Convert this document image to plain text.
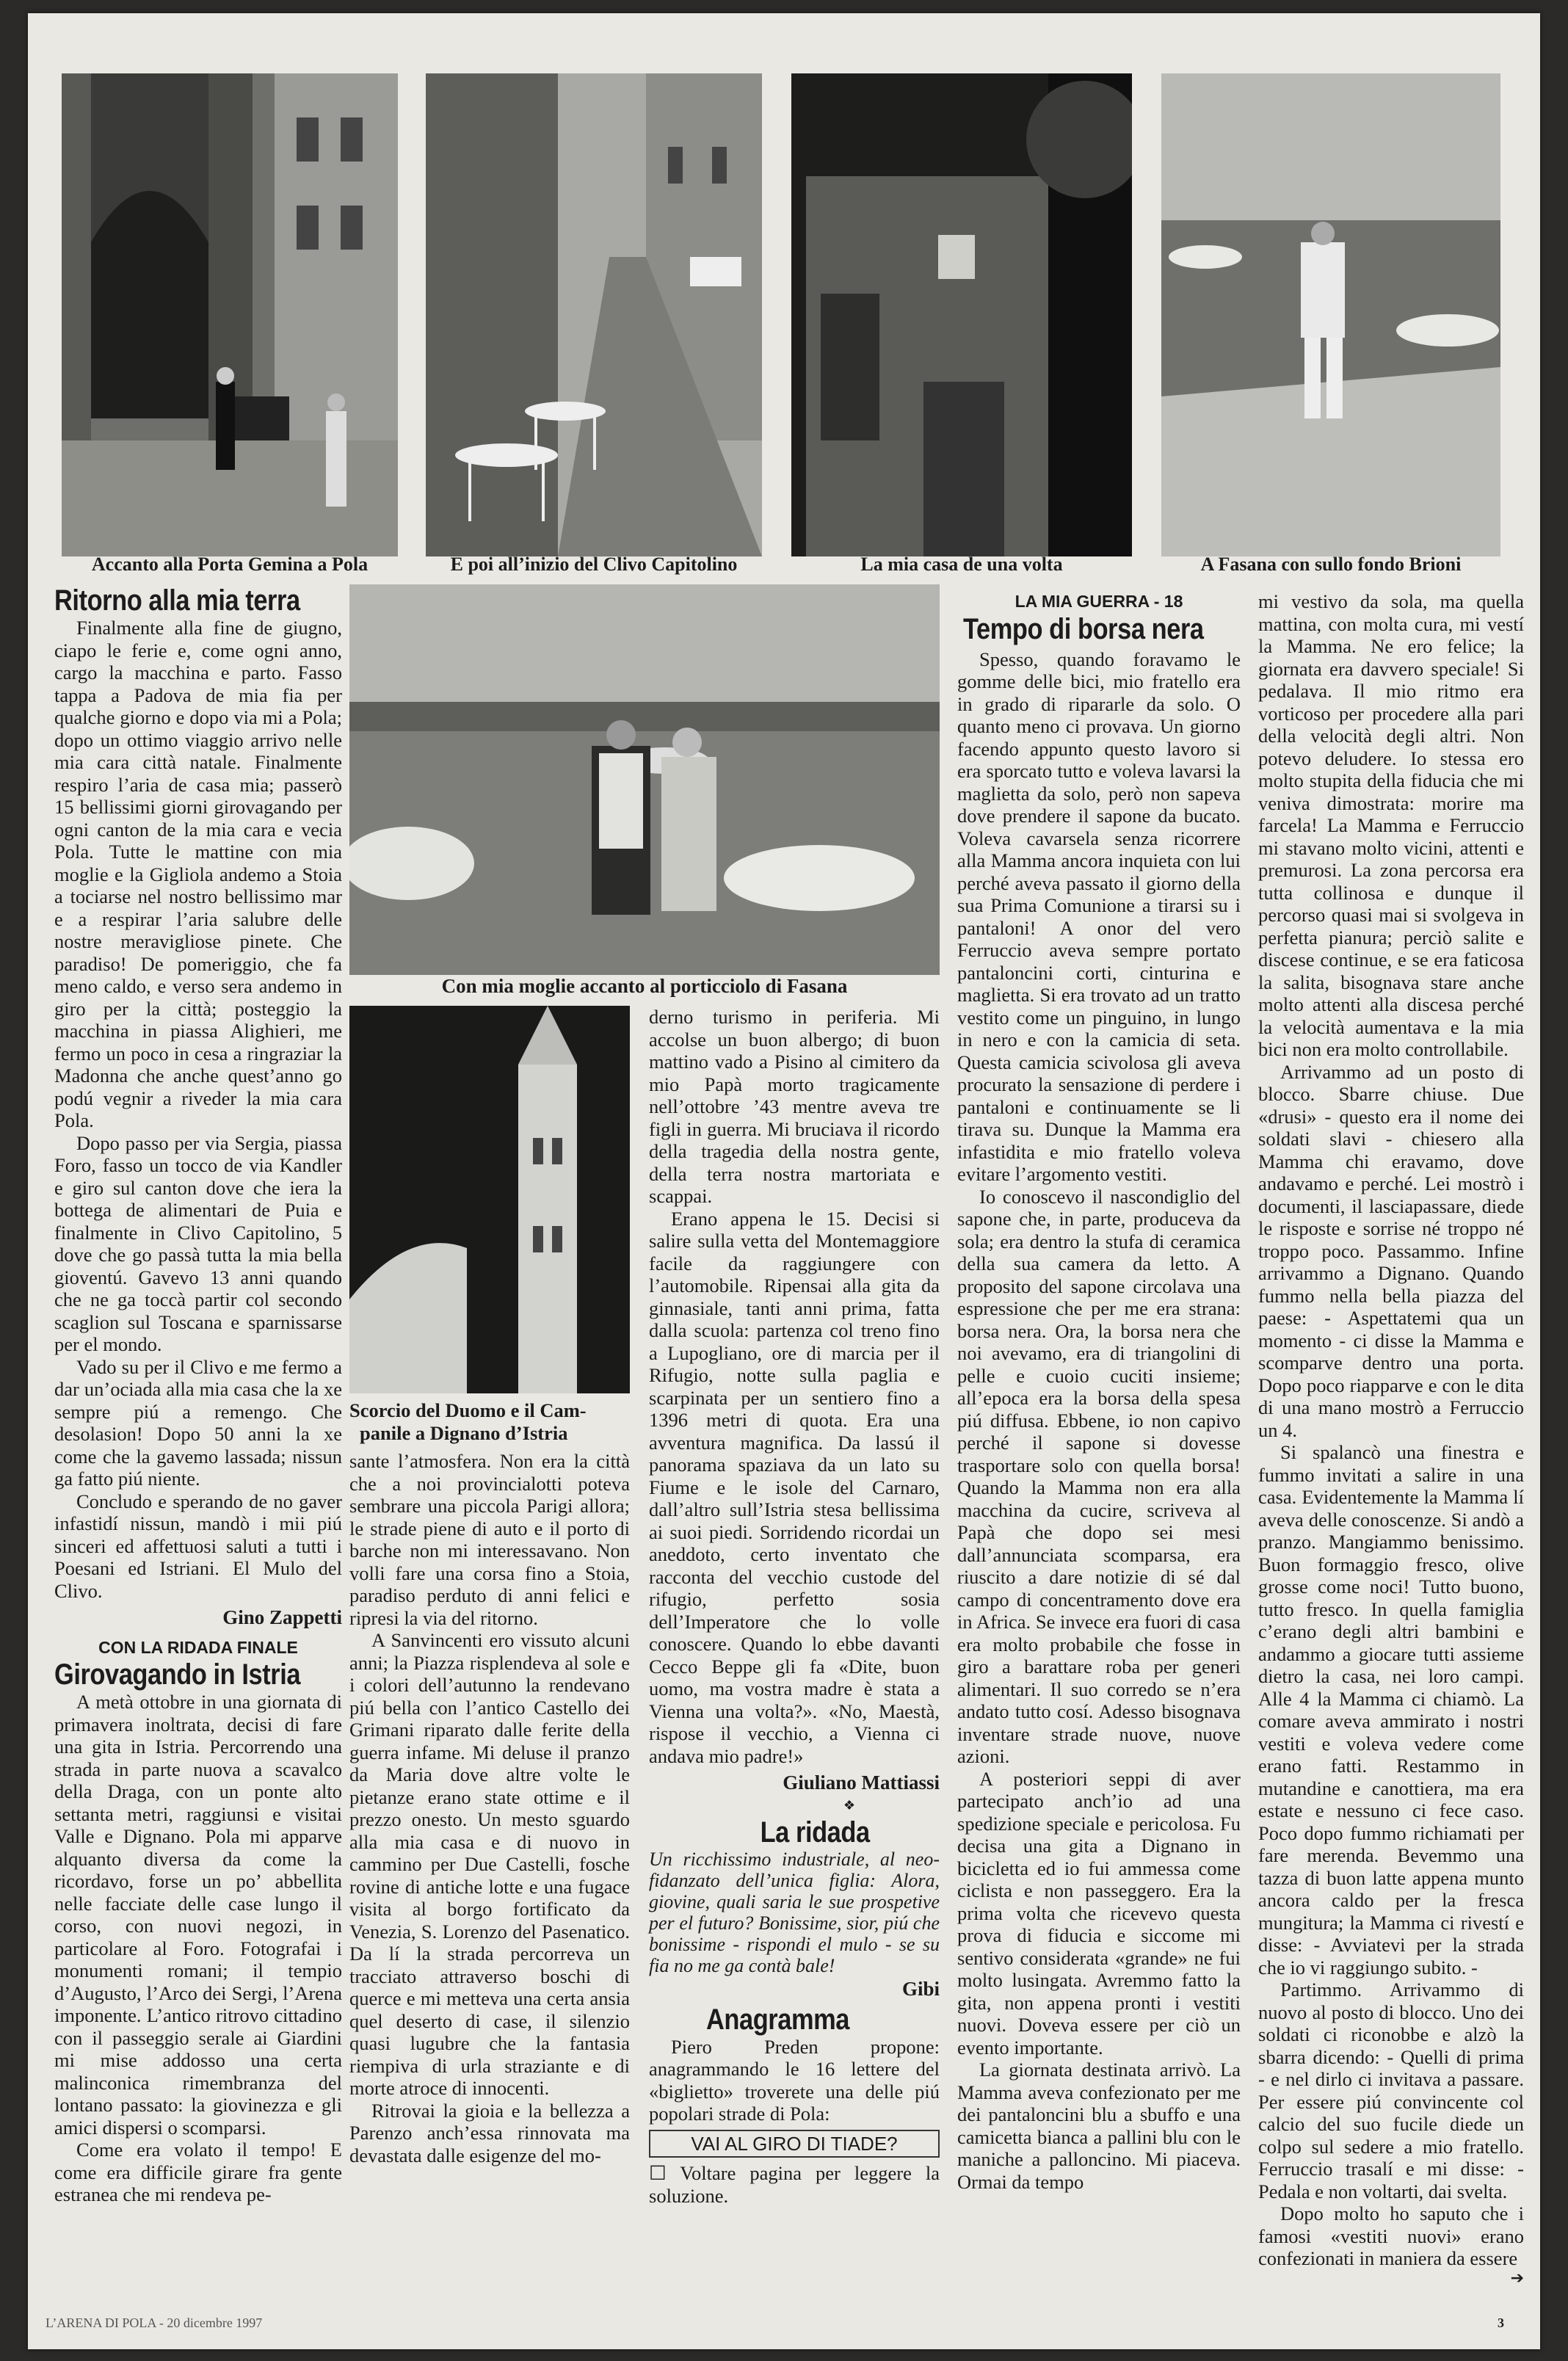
Accanto alla Porta Gemina a Pola	E poi all’inizio del Clivo Capitolino	La mia casa de una volta	A Fasana con sullo fondo Brioni
Ritorno alla mia terra

Finalmente alla fine de giugno, ciapo le ferie e, come ogni anno, cargo la macchina e parto. Fasso tappa a Padova de mia fia per qualche giorno e dopo via mi a Pola; dopo un ottimo viaggio arrivo nelle mia cara città natale. Finalmente respiro l’aria de casa mia; passerò 15 bellissimi giorni girovagando per ogni canton de la mia cara e vecia Pola. Tutte le mattine con mia moglie e la Gigliola andemo a Stoia a tociarse nel nostro bellissimo mar e a respirar l’aria salubre delle nostre meravigliose pinete. Che paradiso! De pomeriggio, che fa meno caldo, e verso sera andemo in giro per la città; posteggio la macchina in piassa Alighieri, me fermo un poco in cesa a ringraziar la Madonna che anche quest’anno go podú vegnir a riveder la mia cara Pola.

Dopo passo per via Sergia, piassa Foro, fasso un tocco de via Kandler e giro sul canton dove che iera la bottega de alimentari de Puia e finalmente in Clivo Capitolino, 5 dove che go passà tutta la mia bella gioventú. Gavevo 13 anni quando che ne ga toccà partir col secondo scaglion sul Toscana e sparnissarse per el mondo.

Vado su per il Clivo e me fermo a dar un’ociada alla mia casa che la xe sempre piú a remengo. Che desolasion! Dopo 50 anni la xe come che la gavemo lassada; nissun ga fatto piú niente.

Concludo e sperando de no gaver infastidí nissun, mandò i mii piú sinceri ed affettuosi saluti a tutti i Poesani ed Istriani. El Mulo del Clivo.

Gino Zappetti
CON LA RIDADA FINALE
Girovagando in Istria

A metà ottobre in una giornata di primavera inoltrata, decisi di fare una gita in Istria. Percorrendo una strada in parte nuova a scavalco della Draga, con un ponte alto settanta metri, raggiunsi e visitai Valle e Dignano. Pola mi apparve alquanto diversa da come la ricordavo, forse un po’ abbellita nelle facciate delle case lungo il corso, con nuovi negozi, in particolare al Foro. Fotografai i monumenti romani; il tempio d’Augusto, l’Arco dei Sergi, l’Arena imponente. L’antico ritrovo cittadino con il passeggio serale ai Giardini mi mise addosso una certa malinconica rimembranza del lontano passato: la giovinezza e gli amici dispersi o scomparsi.

Come era volato il tempo! E come era difficile girare fra gente estranea che mi rendeva pe-

Con mia moglie accanto al porticciolo di Fasana
Scorcio del Duomo e il Cam-
panile a Dignano d’Istria

sante l’atmosfera. Non era la città che a noi provincialotti poteva sembrare una piccola Parigi allora; le strade piene di auto e il porto di barche non mi interessavano. Non volli fare una corsa fino a Stoia, paradiso perduto di anni felici e ripresi la via del ritorno.

A Sanvincenti ero vissuto alcuni anni; la Piazza risplendeva al sole e i colori dell’autunno la rendevano piú bella con l’antico Castello dei Grimani riparato dalle ferite della guerra infame. Mi deluse il pranzo da Maria dove altre volte le pietanze erano state ottime e il prezzo onesto. Un mesto sguardo alla mia casa e di nuovo in cammino per Due Castelli, fosche rovine di antiche lotte e una fugace visita al borgo fortificato da Venezia, S. Lorenzo del Pasenatico. Da lí la strada percorreva un tracciato attraverso boschi di querce e mi metteva una certa ansia quel deserto di case, il silenzio quasi lugubre che la fantasia riempiva di urla straziante e di morte atroce di innocenti.

Ritrovai la gioia e la bellezza a Parenzo anch’essa rinnovata ma devastata dalle esigenze del mo-

derno turismo in periferia. Mi accolse un buon albergo; di buon mattino vado a Pisino al cimitero da mio Papà morto tragicamente nell’ottobre ’43 mentre aveva tre figli in guerra. Mi bruciava il ricordo della tragedia della nostra gente, della terra nostra martoriata e scappai.

Erano appena le 15. Decisi si salire sulla vetta del Montemaggiore facile da raggiungere con l’automobile. Ripensai alla gita da ginnasiale, tanti anni prima, fatta dalla scuola: partenza col treno fino a Lupogliano, ore di marcia per il Rifugio, notte sulla paglia e scarpinata per un sentiero fino a 1396 metri di quota. Era una avventura magnifica. Da lassú il panorama spaziava da un lato su Fiume e le isole del Carnaro, dall’altro sull’Istria stesa bellissima ai suoi piedi. Sorridendo ricordai un aneddoto, certo inventato che racconta del vecchio custode del rifugio, perfetto sosia dell’Imperatore che lo volle conoscere. Quando lo ebbe davanti Cecco Beppe gli fa «Dite, buon uomo, ma vostra madre è stata a Vienna una volta?». «No, Maestà, rispose il vecchio, a Vienna ci andava mio padre!»

Giuliano Mattiassi
❖
La ridada
Un ricchissimo industriale, al neo-fidanzato dell’unica figlia: Alora, giovine, quali saria le sue prospetive per el futuro? Bonissime, sior, piú che bonissime - rispondi el mulo - se su fia no me ga contà bale!
Gibi
Anagramma

Piero Preden propone: anagrammando le 16 lettere del «biglietto» troverete una delle piú popolari strade di Pola:

VAI AL GIRO DI TIADE?
☐ Voltare pagina per leggere la soluzione.
LA MIA GUERRA - 18
Tempo di borsa nera

Spesso, quando foravamo le gomme delle bici, mio fratello era in grado di ripararle da solo. O quanto meno ci provava. Un giorno facendo appunto questo lavoro si era sporcato tutto e voleva lavarsi la maglietta da solo, però non sapeva dove prendere il sapone da bucato. Voleva cavarsela senza ricorrere alla Mamma ancora inquieta con lui perché aveva passato il giorno della sua Prima Comunione a tirarsi su i pantaloni! A onor del vero Ferruccio aveva sempre portato pantaloncini corti, cinturina e maglietta. Si era trovato ad un tratto vestito come un pinguino, in lungo in nero e con la camicia di seta. Questa camicia scivolosa gli aveva procurato la sensazione di perdere i pantaloni e continuamente se li tirava su. Dunque la Mamma era infastidita e mio fratello voleva evitare l’argomento vestiti.

Io conoscevo il nascondiglio del sapone che, in parte, produceva da sola; era dentro la stufa di ceramica della sua camera da letto. A proposito del sapone circolava una espressione che per me era strana: borsa nera. Ora, la borsa nera che noi avevamo, era di triangolini di pelle e cuoio cuciti insieme; all’epoca era la borsa della spesa piú diffusa. Ebbene, io non capivo perché il sapone si dovesse trasportare solo con quella borsa! Quando la Mamma non era alla macchina da cucire, scriveva al Papà che dopo sei mesi dall’annunciata scomparsa, era riuscito a dare notizie di sé dal campo di concentramento dove era in Africa. Se invece era fuori di casa era molto probabile che fosse in giro a barattare roba per generi alimentari. Il suo corredo se n’era andato tutto cosí. Adesso bisognava inventare strade nuove, nuove azioni.

A posteriori seppi di aver partecipato anch’io ad una spedizione speciale e pericolosa. Fu decisa una gita a Dignano in bicicletta ed io fui ammessa come ciclista e non passeggero. Era la prima volta che ricevevo questa prova di fiducia e siccome mi sentivo considerata «grande» ne fui molto lusingata. Avremmo fatto la gita, non appena pronti i vestiti nuovi. Doveva essere per ciò un evento importante.

La giornata destinata arrivò. La Mamma aveva confezionato per me dei pantaloncini blu a sbuffo e una camicetta bianca a pallini blu con le maniche a palloncino. Mi piaceva. Ormai da tempo

mi vestivo da sola, ma quella mattina, con molta cura, mi vestí la Mamma. Ne ero felice; la giornata era davvero speciale! Si pedalava. Il mio ritmo era vorticoso per procedere alla pari della velocità degli altri. Non potevo deludere. Io stessa ero molto stupita della fiducia che mi veniva dimostrata: morire ma farcela! La Mamma e Ferruccio mi stavano molto vicini, attenti e premurosi. La zona percorsa era tutta collinosa e dunque il percorso quasi mai si svolgeva in perfetta pianura; perciò salite e discese continue, e se era faticosa la salita, bisognava stare anche molto attenti alla discesa perché la velocità aumentava e la mia bici non era molto controllabile.

Arrivammo ad un posto di blocco. Sbarre chiuse. Due «drusi» - questo era il nome dei soldati slavi - chiesero alla Mamma chi eravamo, dove andavamo e perché. Lei mostrò i documenti, il lasciapassare, diede le risposte e sorrise né troppo né troppo poco. Passammo. Infine arrivammo a Dignano. Quando fummo nella bella piazza del paese: - Aspettatemi qua un momento - ci disse la Mamma e scomparve dentro una porta. Dopo poco riapparve e con le dita di una mano mostrò a Ferruccio un 4.

Si spalancò una finestra e fummo invitati a salire in una casa. Evidentemente la Mamma lí aveva delle conoscenze. Si andò a pranzo. Mangiammo benissimo. Buon formaggio fresco, olive grosse come noci! Tutto buono, tutto fresco. In quella famiglia c’erano degli altri bambini e andammo a giocare tutti assieme dietro la casa, nei loro campi. Alle 4 la Mamma ci chiamò. La comare aveva ammirato i nostri vestiti e voleva vedere come erano fatti. Restammo in mutandine e canottiera, ma era estate e nessuno ci fece caso. Poco dopo fummo richiamati per fare merenda. Bevemmo una tazza di buon latte appena munto ancora caldo per la fresca mungitura; la Mamma ci rivestí e disse: - Avviatevi per la strada che io vi raggiungo subito. -

Partimmo. Arrivammo di nuovo al posto di blocco. Uno dei soldati ci riconobbe e alzò la sbarra dicendo: - Quelli di prima - e nel dirlo ci invitava a passare. Per essere piú convincente col calcio del suo fucile diede un colpo sul sedere a mio fratello. Ferruccio trasalí e mi disse: - Pedala e non voltarti, dai svelta.

Dopo molto ho saputo che i famosi «vestiti nuovi» erano confezionati in maniera da essere

➔
L’ARENA DI POLA - 20 dicembre 1997	3
